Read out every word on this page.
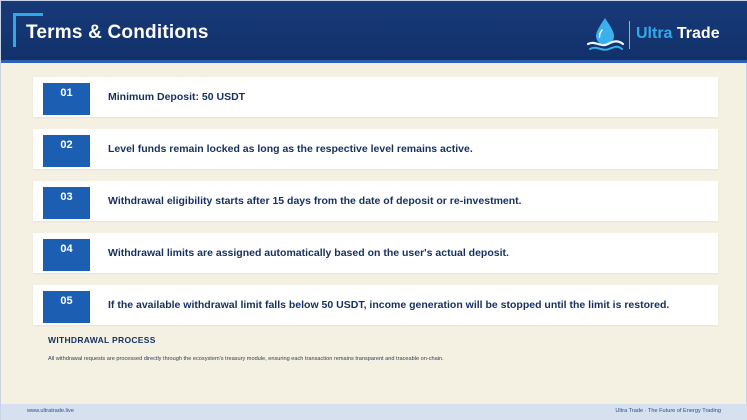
Terms & Conditions	Ultra Trade
01	Minimum Deposit: 50 USDT
02	Level funds remain locked as long as the respective level remains active.
03	Withdrawal eligibility starts after 15 days from the date of deposit or re-investment.
04	Withdrawal limits are assigned automatically based on the user's actual deposit.
05	If the available withdrawal limit falls below 50 USDT, income generation will be stopped until the limit is restored.
WITHDRAWAL PROCESS
All withdrawal requests are processed directly through the ecosystem's treasury module, ensuring each transaction remains transparent and traceable on-chain.
www.ultratrade.live	Ultra Trade · The Future of Energy Trading
